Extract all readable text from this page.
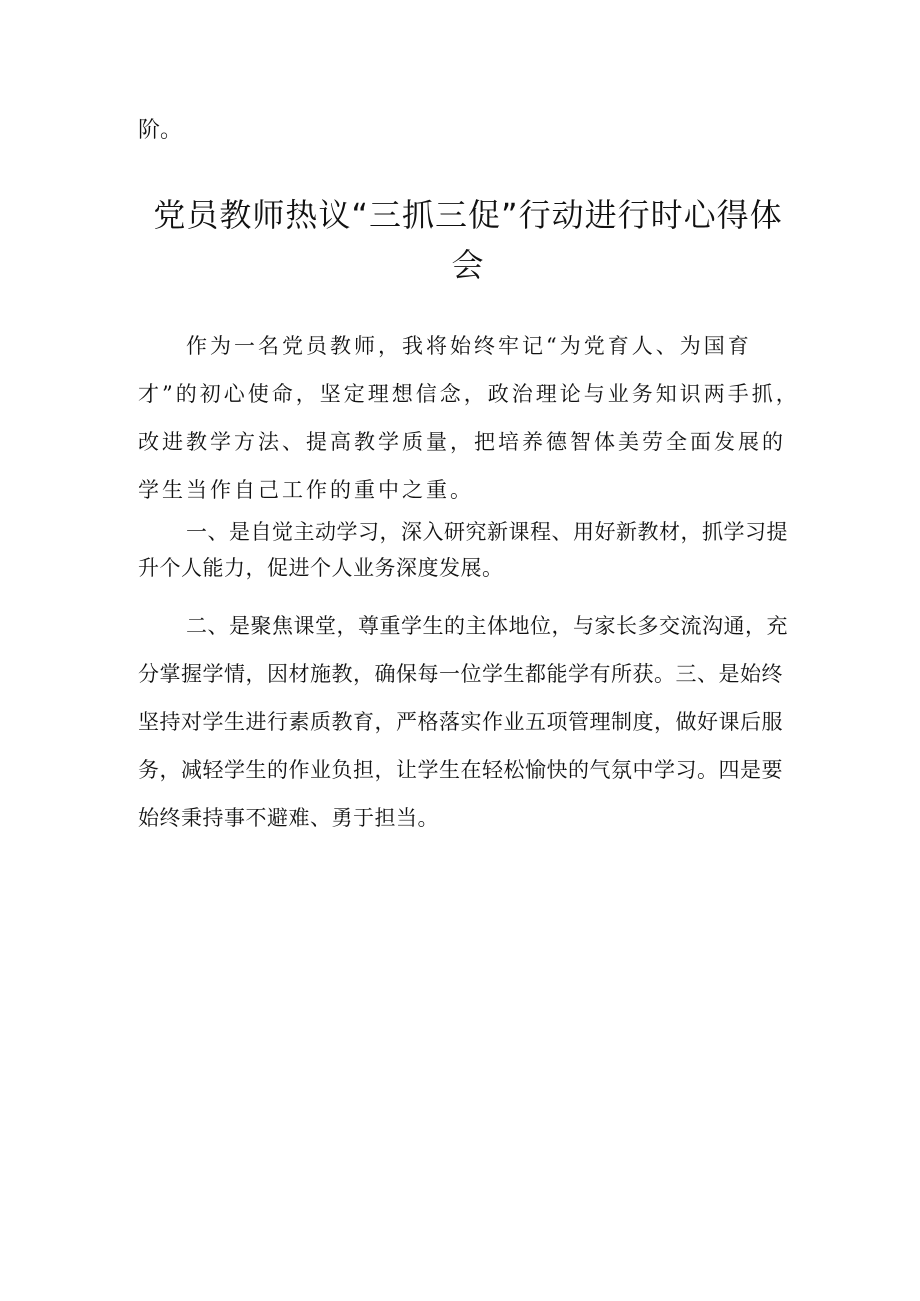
阶。

党员教师热议“三抓三促”行动进行时心得体会

作为一名党员教师，我将始终牢记“为党育人、为国育才”的初心使命，坚定理想信念，政治理论与业务知识两手抓，改进教学方法、提高教学质量，把培养德智体美劳全面发展的学生当作自己工作的重中之重。

一、是自觉主动学习，深入研究新课程、用好新教材，抓学习提升个人能力，促进个人业务深度发展。

二、是聚焦课堂，尊重学生的主体地位，与家长多交流沟通，充分掌握学情，因材施教，确保每一位学生都能学有所获。三、是始终坚持对学生进行素质教育，严格落实作业五项管理制度，做好课后服务，减轻学生的作业负担，让学生在轻松愉快的气氛中学习。四是要始终秉持事不避难、勇于担当。
